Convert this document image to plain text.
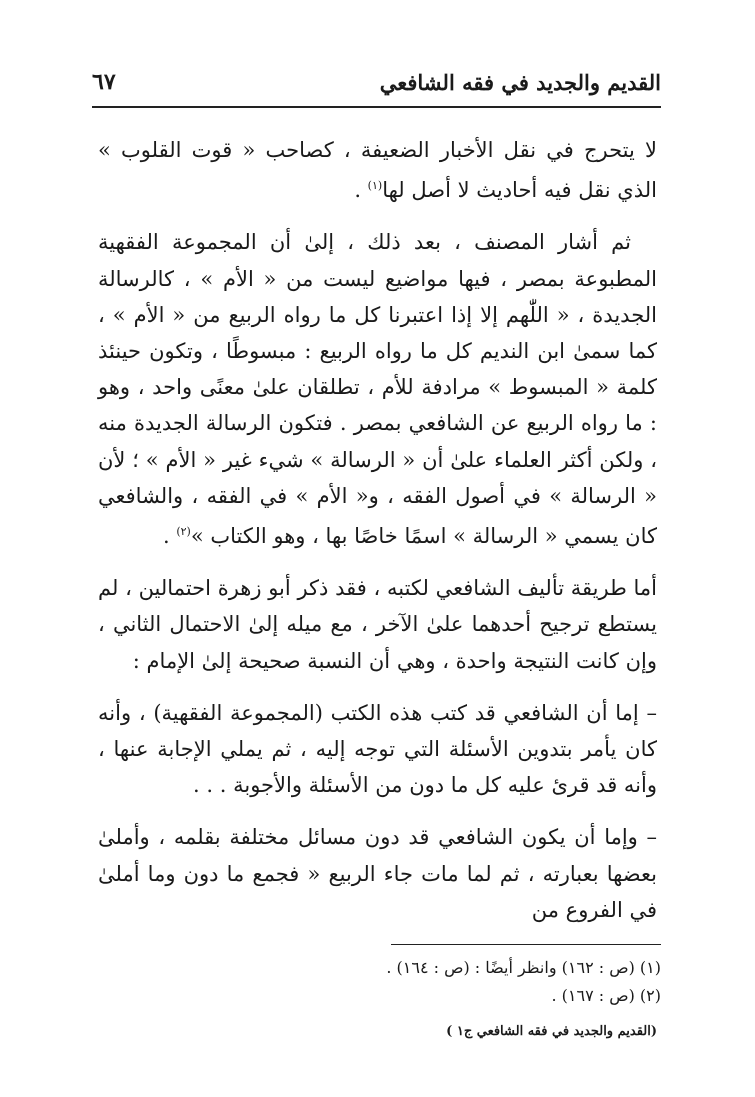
القديم والجديد في فقه الشافعي
٦٧

لا يتحرج في نقل الأخبار الضعيفة ، كصاحب « قوت القلوب » الذي نقل فيه أحاديث لا أصل لها$^{(١)}$ .

ثم أشار المصنف ، بعد ذلك ، إلىٰ أن المجموعة الفقهية المطبوعة بمصر ، فيها مواضيع ليست من « الأم » ، كالرسالة الجديدة ، « اللّٰهم إلا إذا اعتبرنا كل ما رواه الربيع من « الأم » ، كما سمىٰ ابن النديم كل ما رواه الربيع : مبسوطًا ، وتكون حينئذ كلمة « المبسوط » مرادفة للأم ، تطلقان علىٰ معنًى واحد ، وهو : ما رواه الربيع عن الشافعي بمصر . فتكون الرسالة الجديدة منه ، ولكن أكثر العلماء علىٰ أن « الرسالة » شيء غير « الأم » ؛ لأن « الرسالة » في أصول الفقه ، و« الأم » في الفقه ، والشافعي كان يسمي « الرسالة » اسمًا خاصًا بها ، وهو الكتاب »$^{(٢)}$ .

أما طريقة تأليف الشافعي لكتبه ، فقد ذكر أبو زهرة احتمالين ، لم يستطع ترجيح أحدهما علىٰ الآخر ، مع ميله إلىٰ الاحتمال الثاني ، وإن كانت النتيجة واحدة ، وهي أن النسبة صحيحة إلىٰ الإمام :

– إما أن الشافعي قد كتب هذه الكتب (المجموعة الفقهية) ، وأنه كان يأمر بتدوين الأسئلة التي توجه إليه ، ثم يملي الإجابة عنها ، وأنه قد قرئ عليه كل ما دون من الأسئلة والأجوبة . . .

– وإما أن يكون الشافعي قد دون مسائل مختلفة بقلمه ، وأملىٰ بعضها بعبارته ، ثم لما مات جاء الربيع « فجمع ما دون وما أملىٰ في الفروع من

(١) (ص : ١٦٢) وانظر أيضًا : (ص : ١٦٤) .
(٢) (ص : ١٦٧) .
(القديم والجديد في فقه الشافعي ج١ )
